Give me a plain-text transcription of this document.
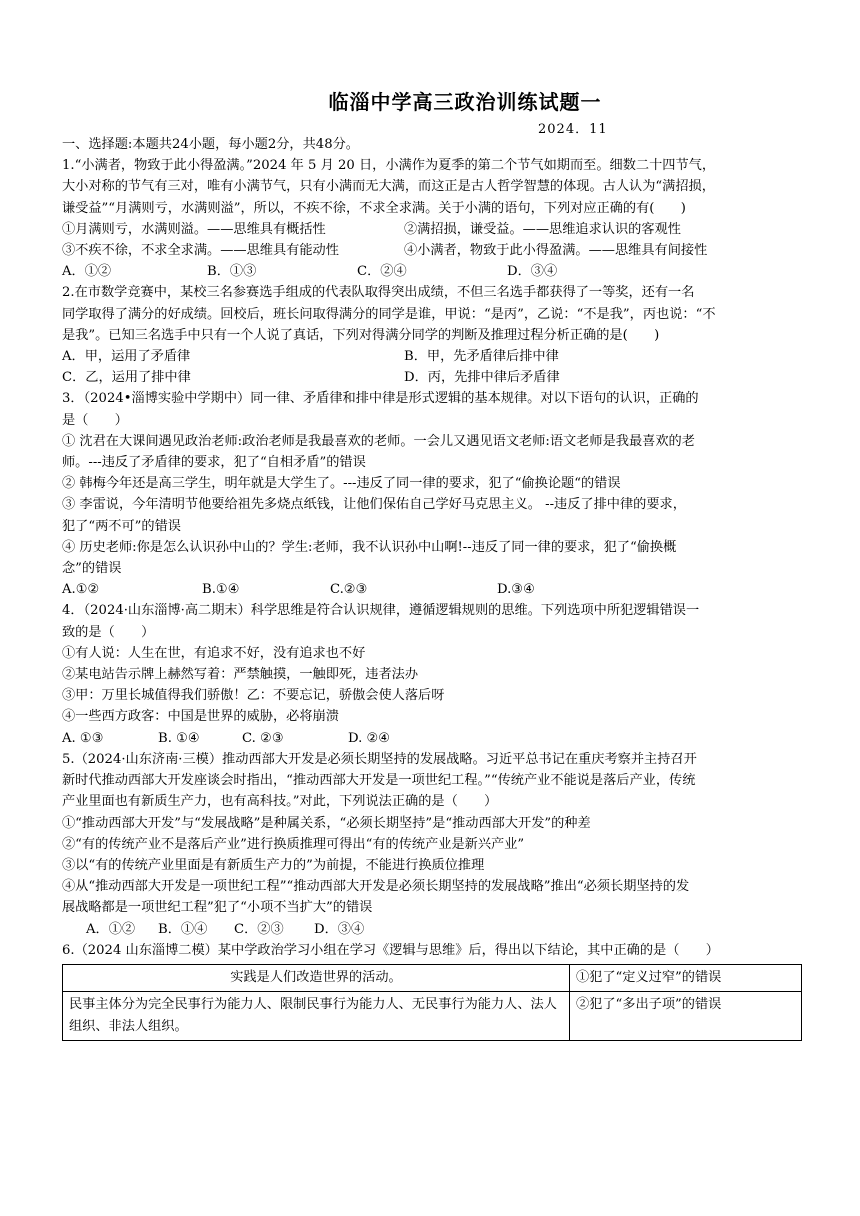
临淄中学高三政治训练试题一
2024．11

一、选择题:本题共24小题，每小题2分，共48分。

1.“小满者，物致于此小得盈满。”2024 年 5 月 20 日，小满作为夏季的第二个节气如期而至。细数二十四节气，

大小对称的节气有三对，唯有小满节气，只有小满而无大满，而这正是古人哲学智慧的体现。古人认为“满招损，

谦受益”“月满则亏，水满则溢”，所以，不疾不徐，不求全求满。关于小满的语句，下列对应正确的有(　　)

①月满则亏，水满则溢。——思维具有概括性	②满招损，谦受益。——思维追求认识的客观性
③不疾不徐，不求全求满。——思维具有能动性	④小满者，物致于此小得盈满。——思维具有间接性
A．①②	B．①③	C．②④	D．③④

2.在市数学竞赛中，某校三名参赛选手组成的代表队取得突出成绩，不但三名选手都获得了一等奖，还有一名

同学取得了满分的好成绩。回校后，班长问取得满分的同学是谁，甲说：“是丙”，乙说：“不是我”，丙也说：“不

是我”。已知三名选手中只有一个人说了真话，下列对得满分同学的判断及推理过程分析正确的是(　　)

A．甲，运用了矛盾律	B．甲，先矛盾律后排中律
C．乙，运用了排中律	D．丙，先排中律后矛盾律

3．（2024•淄博实验中学期中）同一律、矛盾律和排中律是形式逻辑的基本规律。对以下语句的认识，正确的

是（　　）

① 沈君在大课间遇见政治老师:政治老师是我最喜欢的老师。一会儿又遇见语文老师:语文老师是我最喜欢的老

师。---违反了矛盾律的要求，犯了“自相矛盾”的错误

② 韩梅今年还是高三学生，明年就是大学生了。---违反了同一律的要求，犯了“偷换论题“的错误

③ 李雷说，今年清明节他要给祖先多烧点纸钱，让他们保佑自己学好马克思主义。 --违反了排中律的要求，

犯了“两不可”的错误

④ 历史老师:你是怎么认识孙中山的？学生:老师，我不认识孙中山啊!--违反了同一律的要求，犯了“偷换概

念”的错误

A.①②	B.①④	C.②③	D.③④

4．（2024·山东淄博·高二期末）科学思维是符合认识规律，遵循逻辑规则的思维。下列选项中所犯逻辑错误一

致的是（　　）

①有人说：人生在世，有追求不好，没有追求也不好

②某电站告示牌上赫然写着：严禁触摸，一触即死，违者法办

③甲：万里长城值得我们骄傲！乙：不要忘记，骄傲会使人落后呀

④一些西方政客：中国是世界的威胁，必将崩溃

A. ①③	B. ①④	C. ②③	D. ②④

5.（2024·山东济南·三模）推动西部大开发是必须长期坚持的发展战略。习近平总书记在重庆考察并主持召开

新时代推动西部大开发座谈会时指出，“推动西部大开发是一项世纪工程。”“传统产业不能说是落后产业，传统

产业里面也有新质生产力，也有高科技。”对此，下列说法正确的是（　　）

①“推动西部大开发”与“发展战略”是种属关系，“必须长期坚持”是“推动西部大开发”的种差

②“有的传统产业不是落后产业”进行换质推理可得出“有的传统产业是新兴产业”

③以“有的传统产业里面是有新质生产力的”为前提，不能进行换质位推理

④从“推动西部大开发是一项世纪工程”“推动西部大开发是必须长期坚持的发展战略”推出“必须长期坚持的发

展战略都是一项世纪工程”犯了“小项不当扩大”的错误

A．①②	B．①④	C．②③	D．③④

6.（2024 山东淄博二模）某中学政治学习小组在学习《逻辑与思维》后，得出以下结论，其中正确的是（　　）

实践是人们改造世界的活动。	①犯了“定义过窄”的错误
民事主体分为完全民事行为能力人、限制民事行为能力人、无民事行为能力人、法人组织、非法人组织。	②犯了“多出子项”的错误
